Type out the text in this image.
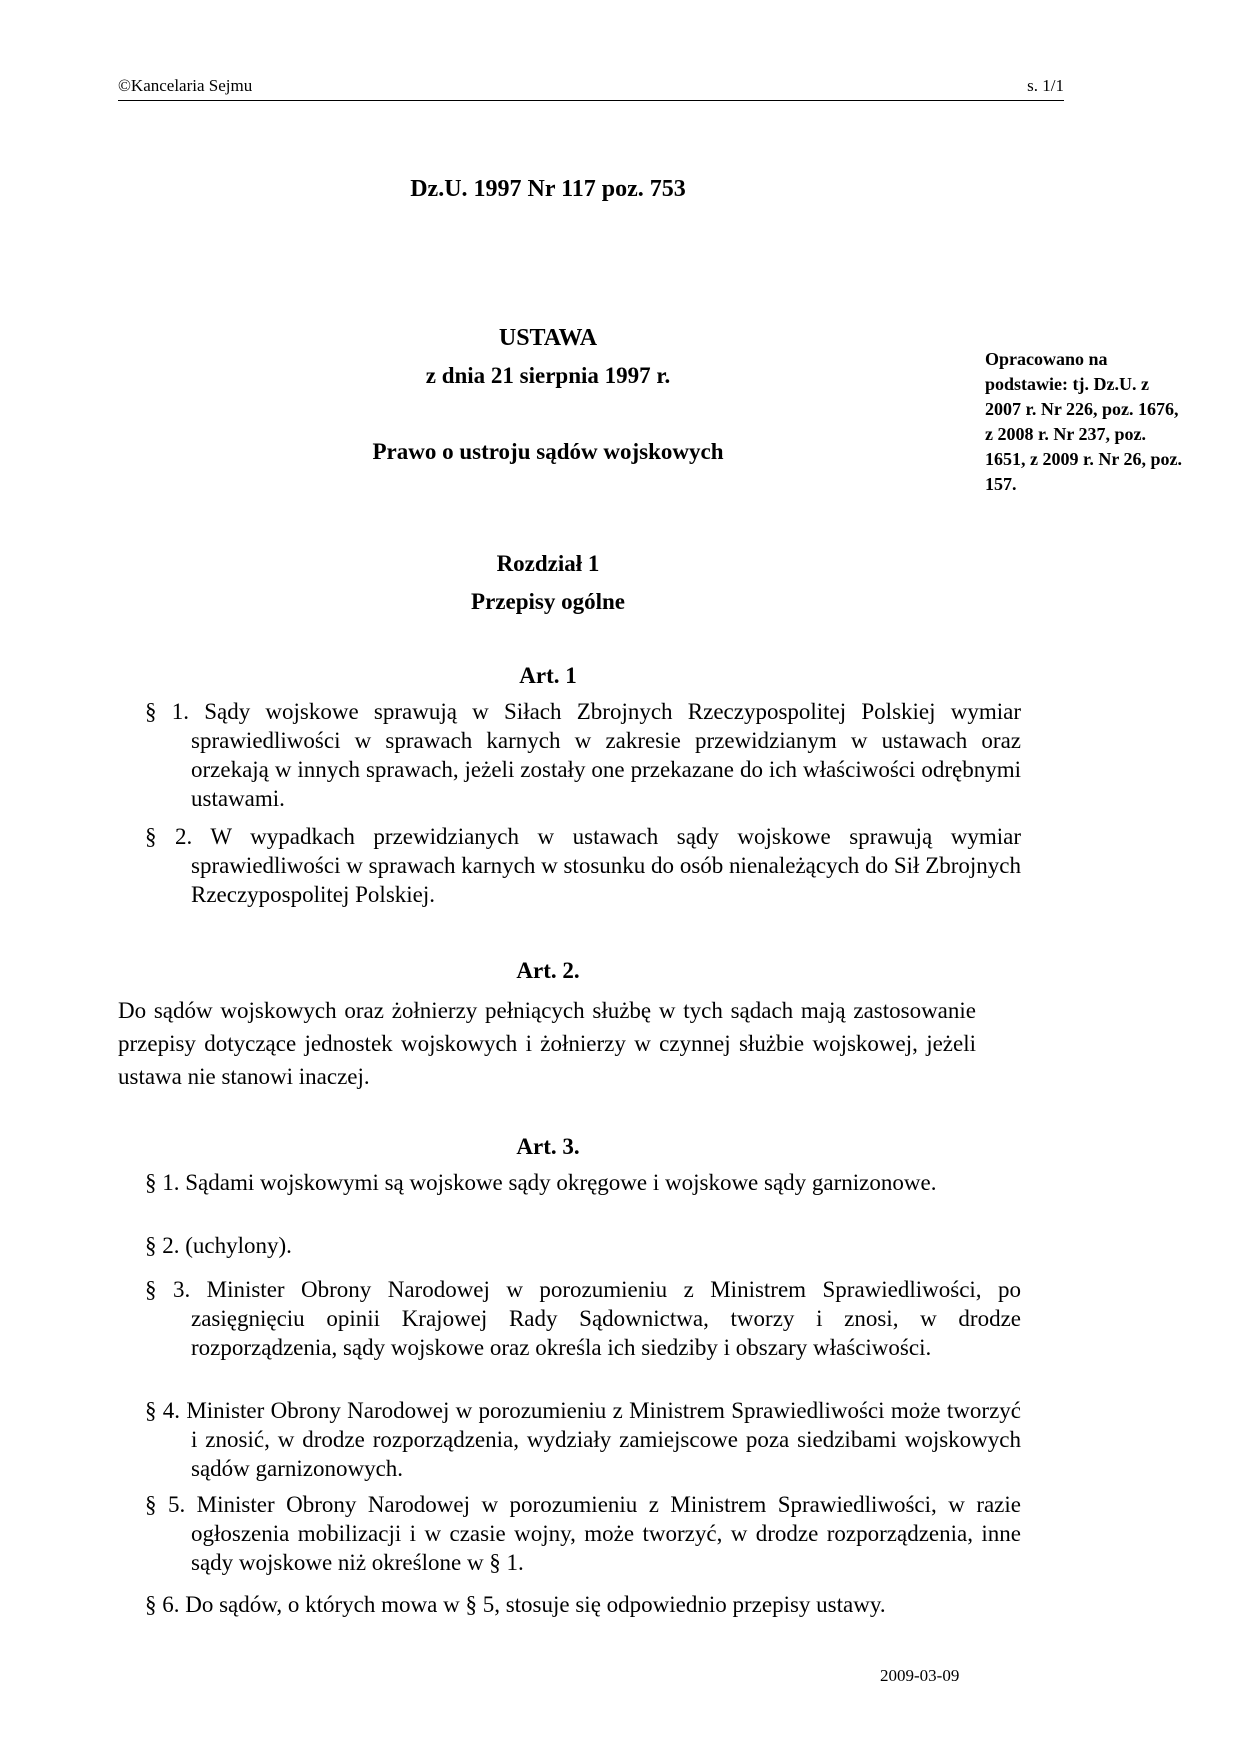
©Kancelaria Sejmu	s. 1/1
Dz.U. 1997 Nr 117 poz. 753
USTAWA
z dnia 21 sierpnia 1997 r.
Prawo o ustroju sądów wojskowych
Opracowano na podstawie: tj. Dz.U. z 2007 r. Nr 226, poz. 1676, z 2008 r. Nr 237, poz. 1651, z 2009 r. Nr 26, poz. 157.
Rozdział 1
Przepisy ogólne
Art. 1
§ 1. Sądy wojskowe sprawują w Siłach Zbrojnych Rzeczypospolitej Polskiej wymiar sprawiedliwości w sprawach karnych w zakresie przewidzianym w ustawach oraz orzekają w innych sprawach, jeżeli zostały one przekazane do ich właściwości odrębnymi ustawami.
§ 2. W wypadkach przewidzianych w ustawach sądy wojskowe sprawują wymiar sprawiedliwości w sprawach karnych w stosunku do osób nienależących do Sił Zbrojnych Rzeczypospolitej Polskiej.
Art. 2.
Do sądów wojskowych oraz żołnierzy pełniących służbę w tych sądach mają zastosowanie przepisy dotyczące jednostek wojskowych i żołnierzy w czynnej służbie wojskowej, jeżeli ustawa nie stanowi inaczej.
Art. 3.
§ 1. Sądami wojskowymi są wojskowe sądy okręgowe i wojskowe sądy garnizonowe.
§ 2. (uchylony).
§ 3. Minister Obrony Narodowej w porozumieniu z Ministrem Sprawiedliwości, po zasięgnięciu opinii Krajowej Rady Sądownictwa, tworzy i znosi, w drodze rozporządzenia, sądy wojskowe oraz określa ich siedziby i obszary właściwości.
§ 4. Minister Obrony Narodowej w porozumieniu z Ministrem Sprawiedliwości może tworzyć i znosić, w drodze rozporządzenia, wydziały zamiejscowe poza siedzibami wojskowych sądów garnizonowych.
§ 5. Minister Obrony Narodowej w porozumieniu z Ministrem Sprawiedliwości, w razie ogłoszenia mobilizacji i w czasie wojny, może tworzyć, w drodze rozporządzenia, inne sądy wojskowe niż określone w § 1.
§ 6. Do sądów, o których mowa w § 5, stosuje się odpowiednio przepisy ustawy.
2009-03-09
